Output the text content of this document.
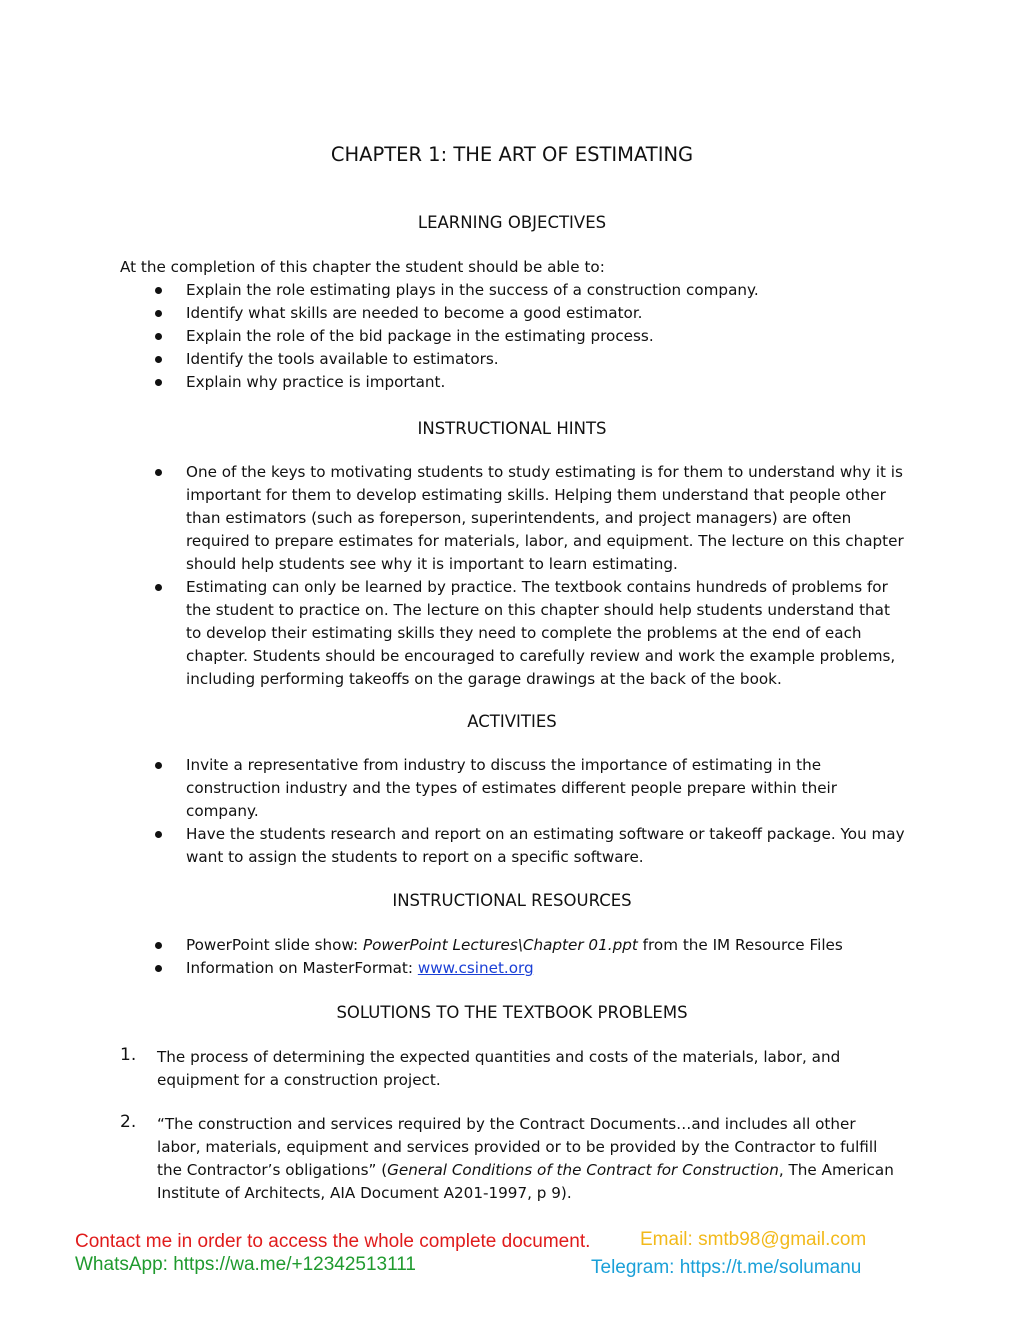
CHAPTER 1: THE ART OF ESTIMATING
LEARNING OBJECTIVES
At the completion of this chapter the student should be able to:
Explain the role estimating plays in the success of a construction company.
Identify what skills are needed to become a good estimator.
Explain the role of the bid package in the estimating process.
Identify the tools available to estimators.
Explain why practice is important.
INSTRUCTIONAL HINTS
One of the keys to motivating students to study estimating is for them to understand why it is important for them to develop estimating skills. Helping them understand that people other than estimators (such as foreperson, superintendents, and project managers) are often required to prepare estimates for materials, labor, and equipment. The lecture on this chapter should help students see why it is important to learn estimating.
Estimating can only be learned by practice. The textbook contains hundreds of problems for the student to practice on. The lecture on this chapter should help students understand that to develop their estimating skills they need to complete the problems at the end of each chapter. Students should be encouraged to carefully review and work the example problems, including performing takeoffs on the garage drawings at the back of the book.
ACTIVITIES
Invite a representative from industry to discuss the importance of estimating in the construction industry and the types of estimates different people prepare within their company.
Have the students research and report on an estimating software or takeoff package. You may want to assign the students to report on a specific software.
INSTRUCTIONAL RESOURCES
PowerPoint slide show: PowerPoint Lectures\Chapter 01.ppt from the IM Resource Files
Information on MasterFormat: www.csinet.org
SOLUTIONS TO THE TEXTBOOK PROBLEMS
1. The process of determining the expected quantities and costs of the materials, labor, and equipment for a construction project.
2. “The construction and services required by the Contract Documents…and includes all other labor, materials, equipment and services provided or to be provided by the Contractor to fulfill the Contractor’s obligations” (General Conditions of the Contract for Construction, The American Institute of Architects, AIA Document A201-1997, p 9).
Contact me in order to access the whole complete document.
WhatsApp: https://wa.me/+12342513111
Email: smtb98@gmail.com
Telegram: https://t.me/solumanu
